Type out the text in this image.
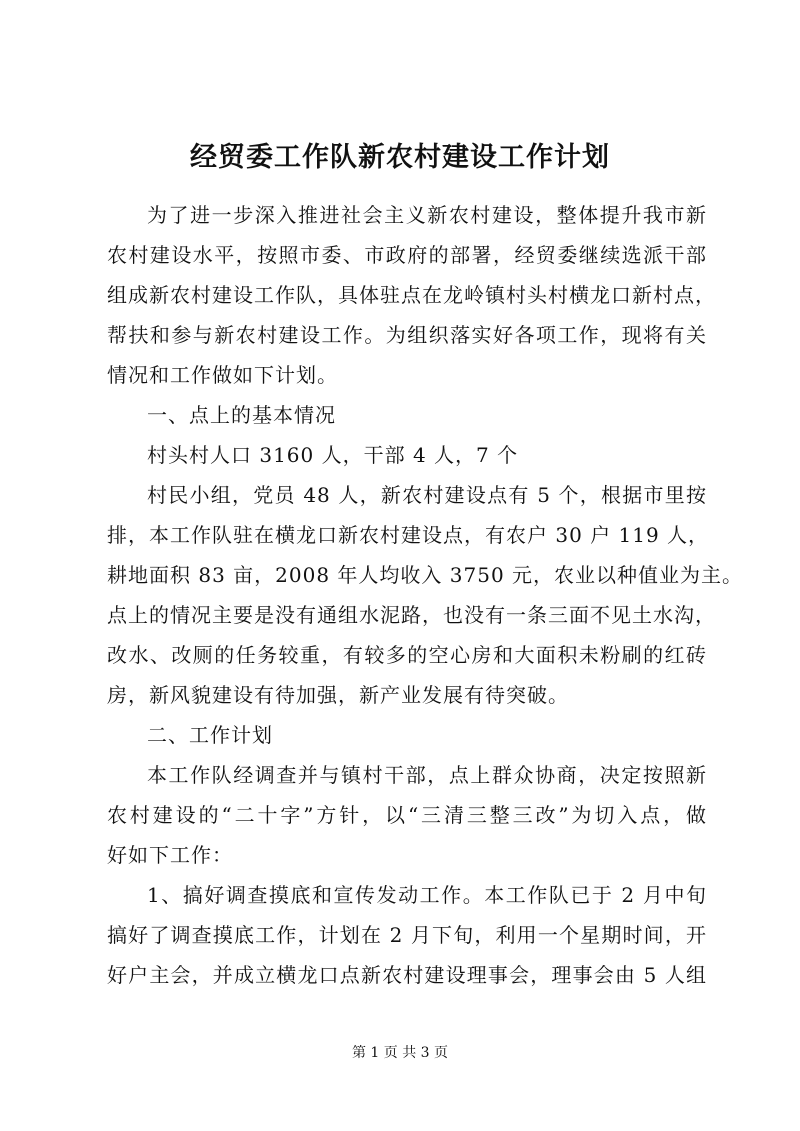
经贸委工作队新农村建设工作计划
为了进一步深入推进社会主义新农村建设，整体提升我市新
农村建设水平，按照市委、市政府的部署，经贸委继续选派干部
组成新农村建设工作队，具体驻点在龙岭镇村头村横龙口新村点，
帮扶和参与新农村建设工作。为组织落实好各项工作，现将有关
情况和工作做如下计划。
一、点上的基本情况
村头村人口 3160 人，干部 4 人，7 个
村民小组，党员 48 人，新农村建设点有 5 个，根据市里按
排，本工作队驻在横龙口新农村建设点，有农户 30 户 119 人，
耕地面积 83 亩，2008 年人均收入 3750 元，农业以种值业为主。
点上的情况主要是没有通组水泥路，也没有一条三面不见土水沟，
改水、改厕的任务较重，有较多的空心房和大面积未粉刷的红砖
房，新风貌建设有待加强，新产业发展有待突破。
二、工作计划
本工作队经调查并与镇村干部，点上群众协商，决定按照新
农村建设的“二十字”方针，以“三清三整三改”为切入点，做
好如下工作：
1、搞好调查摸底和宣传发动工作。本工作队已于 2 月中旬
搞好了调查摸底工作，计划在 2 月下旬，利用一个星期时间，开
好户主会，并成立横龙口点新农村建设理事会，理事会由 5 人组
第 1 页 共 3 页
